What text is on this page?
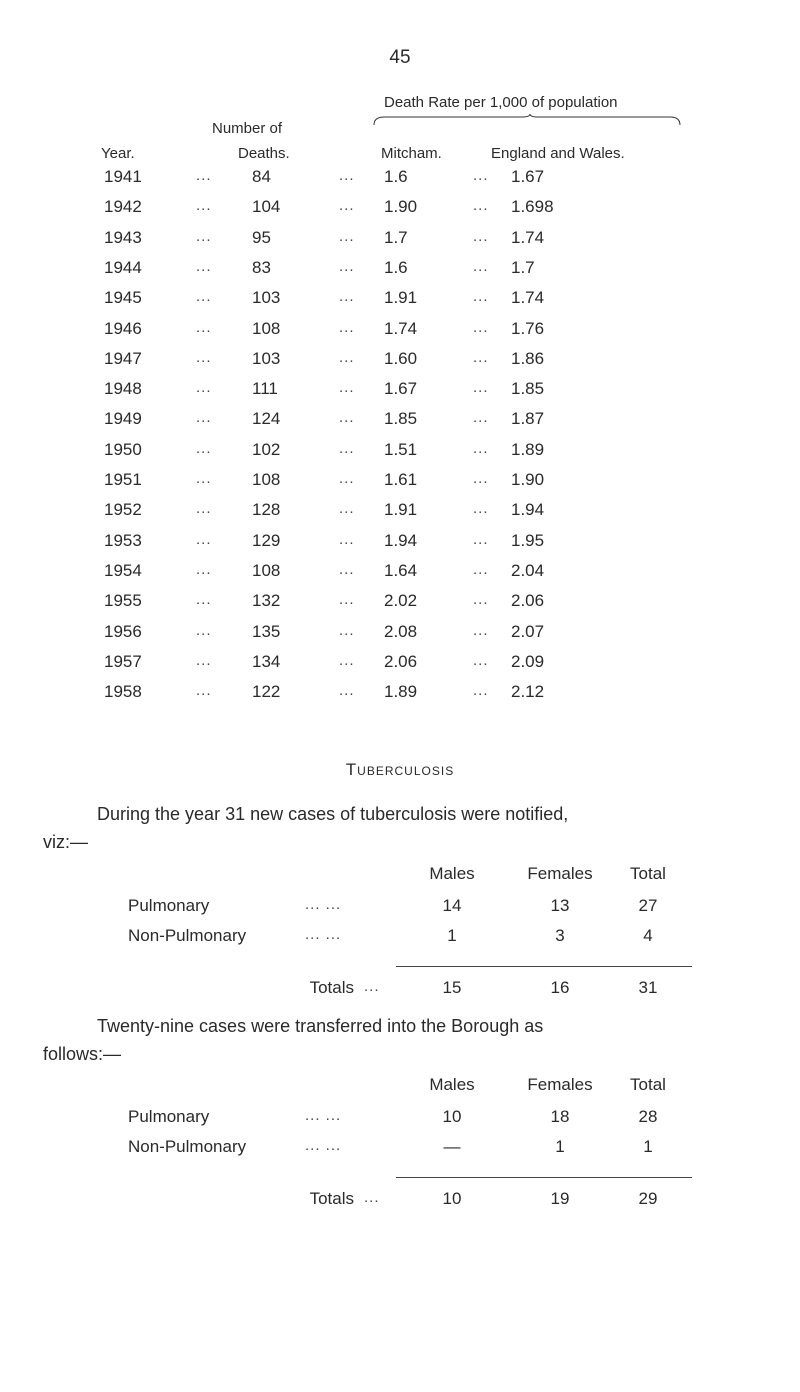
45
Death Rate per 1,000 of population
Number of
Year.	Deaths.	Mitcham.	England and Wales.
1941	... 84	... 1.6	... 1.67
1942	... 104	... 1.90	... 1.698
1943	... 95	... 1.7	... 1.74
1944	... 83	... 1.6	... 1.7
1945	... 103	... 1.91	... 1.74
1946	... 108	... 1.74	... 1.76
1947	... 103	... 1.60	... 1.86
1948	... 111	... 1.67	... 1.85
1949	... 124	... 1.85	... 1.87
1950	... 102	... 1.51	... 1.89
1951	... 108	... 1.61	... 1.90
1952	... 128	... 1.91	... 1.94
1953	... 129	... 1.94	... 1.95
1954	... 108	... 1.64	... 2.04
1955	... 132	... 2.02	... 2.06
1956	... 135	... 2.08	... 2.07
1957	... 134	... 2.06	... 2.09
1958	... 122	... 1.89	... 2.12
Tuberculosis
During the year 31 new cases of tuberculosis were notified,
viz:—
Males	Females	Total
Pulmonary	... ...	14	13	27
Non-Pulmonary	... ...	1	3	4
Totals ...	15	16	31
Twenty-nine cases were transferred into the Borough as
follows:—
Males	Females	Total
Pulmonary	... ...	10	18	28
Non-Pulmonary	... ...	—	1	1
Totals ...	10	19	29
